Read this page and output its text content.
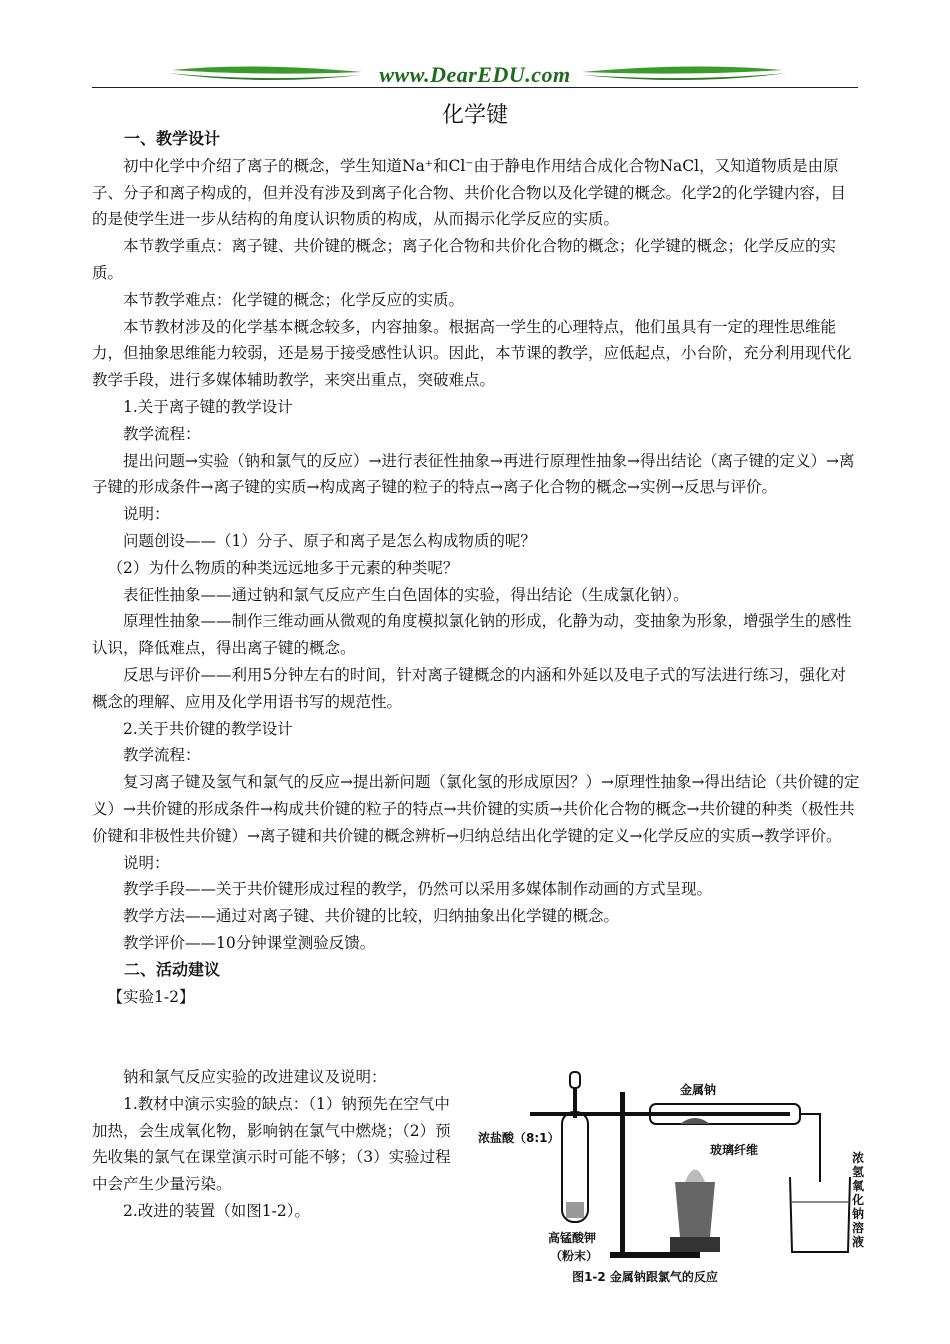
www.DearEDU.com
化学键

一、教学设计

初中化学中介绍了离子的概念，学生知道Na⁺和Cl⁻由于静电作用结合成化合物NaCl，又知道物质是由原子、分子和离子构成的，但并没有涉及到离子化合物、共价化合物以及化学键的概念。化学2的化学键内容，目的是使学生进一步从结构的角度认识物质的构成，从而揭示化学反应的实质。

本节教学重点：离子键、共价键的概念；离子化合物和共价化合物的概念；化学键的概念；化学反应的实质。

本节教学难点：化学键的概念；化学反应的实质。

本节教材涉及的化学基本概念较多，内容抽象。根据高一学生的心理特点，他们虽具有一定的理性思维能力，但抽象思维能力较弱，还是易于接受感性认识。因此，本节课的教学，应低起点，小台阶，充分利用现代化教学手段，进行多媒体辅助教学，来突出重点，突破难点。

1.关于离子键的教学设计

教学流程：

提出问题→实验（钠和氯气的反应）→进行表征性抽象→再进行原理性抽象→得出结论（离子键的定义）→离子键的形成条件→离子键的实质→构成离子键的粒子的特点→离子化合物的概念→实例→反思与评价。

说明：

问题创设——（1）分子、原子和离子是怎么构成物质的呢？

（2）为什么物质的种类远远地多于元素的种类呢？

表征性抽象——通过钠和氯气反应产生白色固体的实验，得出结论（生成氯化钠）。

原理性抽象——制作三维动画从微观的角度模拟氯化钠的形成，化静为动，变抽象为形象，增强学生的感性认识，降低难点，得出离子键的概念。

反思与评价——利用5分钟左右的时间，针对离子键概念的内涵和外延以及电子式的写法进行练习，强化对概念的理解、应用及化学用语书写的规范性。

2.关于共价键的教学设计

教学流程：

复习离子键及氢气和氯气的反应→提出新问题（氯化氢的形成原因？）→原理性抽象→得出结论（共价键的定义）→共价键的形成条件→构成共价键的粒子的特点→共价键的实质→共价化合物的概念→共价键的种类（极性共价键和非极性共价键）→离子键和共价键的概念辨析→归纳总结出化学键的定义→化学反应的实质→教学评价。

说明：

教学手段——关于共价键形成过程的教学，仍然可以采用多媒体制作动画的方式呈现。

教学方法——通过对离子键、共价键的比较，归纳抽象出化学键的概念。

教学评价——10分钟课堂测验反馈。

二、活动建议

【实验1-2】

钠和氯气反应实验的改进建议及说明：

1.教材中演示实验的缺点：（1）钠预先在空气中加热，会生成氧化物，影响钠在氯气中燃烧；（2）预先收集的氯气在课堂演示时可能不够；（3）实验过程中会产生少量污染。

2.改进的装置（如图1-2）。

浓盐酸（8:1）
金属钠
玻璃纤维
高锰酸钾
（粉末）
浓
氢
氧
化
钠
溶
液
图1-2 金属钠跟氯气的反应
